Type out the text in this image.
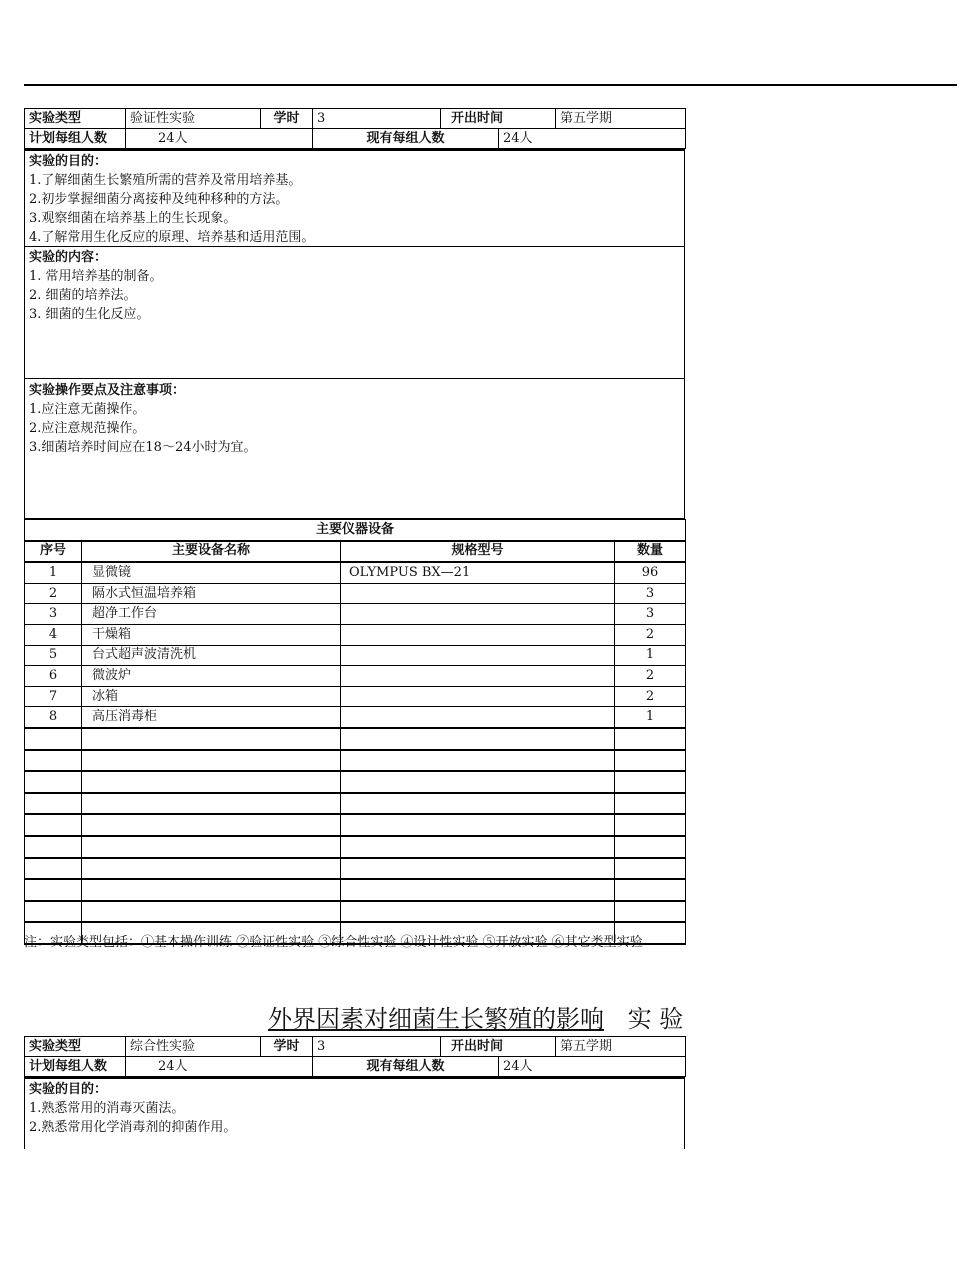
实验类型	验证性实验	学时	3	开出时间		第五学期
计划每组人数	24人		现有每组人数		24人	
实验的目的：
1.了解细菌生长繁殖所需的营养及常用培养基。
2.初步掌握细菌分离接种及纯种移种的方法。
3.观察细菌在培养基上的生长现象。
4.了解常用生化反应的原理、培养基和适用范围。
实验的内容：
1. 常用培养基的制备。
2. 细菌的培养法。
3. 细菌的生化反应。
实验操作要点及注意事项：
1.应注意无菌操作。
2.应注意规范操作。
3.细菌培养时间应在18～24小时为宜。
主要仪器设备			
序号	主要设备名称	规格型号	数量
1	显微镜	OLYMPUS BX—21	96
2	隔水式恒温培养箱		3
3	超净工作台		3
4	干燥箱		2
5	台式超声波清洗机		1
6	微波炉		2
7	冰箱		2
8	高压消毒柜		1

注：实验类型包括：①基本操作训练 ②验证性实验 ③综合性实验 ④设计性实验 ⑤开放实验 ⑥其它类型实验
外界因素对细菌生长繁殖的影响 实 验
实验类型	综合性实验	学时	3	开出时间		第五学期
计划每组人数	24人		现有每组人数		24人	
实验的目的：
1.熟悉常用的消毒灭菌法。
2.熟悉常用化学消毒剂的抑菌作用。
